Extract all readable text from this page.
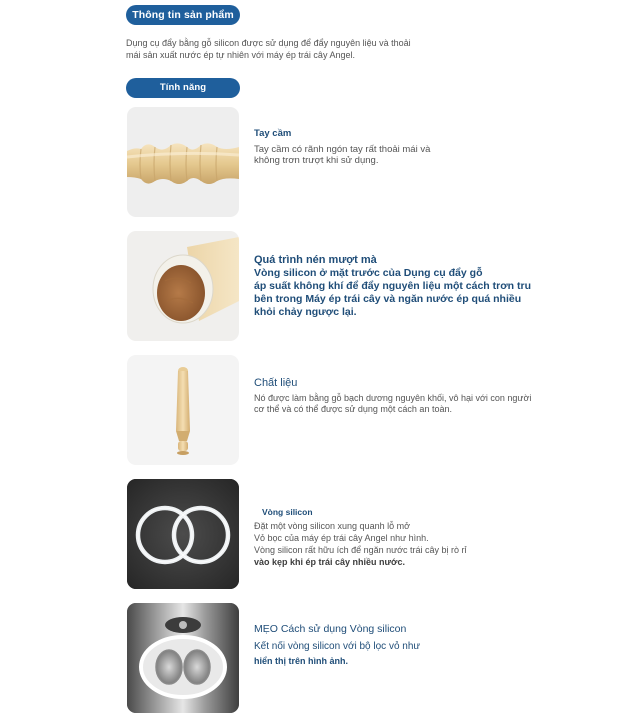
Thông tin sản phẩm
Dụng cụ đẩy bằng gỗ silicon được sử dụng để đẩy nguyên liệu và thoải mái sản xuất nước ép tự nhiên với máy ép trái cây Angel.
Tính năng
Tay cầm
Tay cầm có rãnh ngón tay rất thoải mái và
không trơn trượt khi sử dụng.
Quá trình nén mượt mà
Vòng silicon ở mặt trước của Dụng cụ đẩy gỗ
áp suất không khí để đẩy nguyên liệu một cách trơn tru
bên trong Máy ép trái cây và ngăn nước ép quá nhiều
khỏi chảy ngược lại.
Chất liệu
Nó được làm bằng gỗ bạch dương nguyên khối, vô hại với con người
cơ thể và có thể được sử dụng một cách an toàn.
Vòng silicon
Đặt một vòng silicon xung quanh lỗ mở
Vỏ bọc của máy ép trái cây Angel như hình.
Vòng silicon rất hữu ích để ngăn nước trái cây bị rò rỉ
vào kẹp khi ép trái cây nhiều nước.
MẸO Cách sử dụng Vòng silicon
Kết nối vòng silicon với bộ lọc vỏ như
hiển thị trên hình ảnh.
